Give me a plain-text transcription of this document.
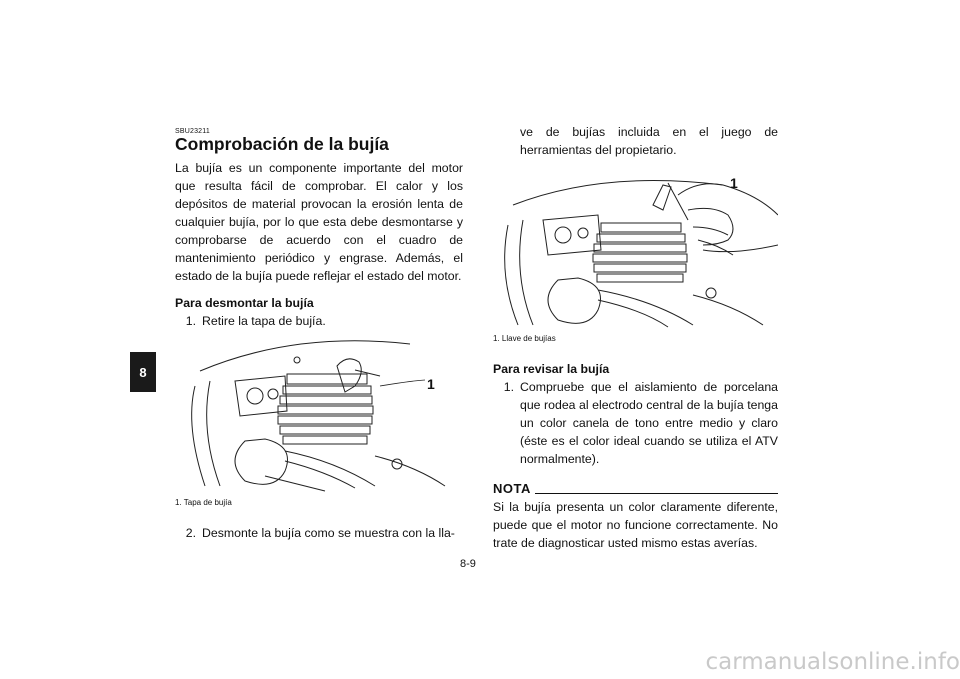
8
SBU23211
Comprobación de la bujía

La bujía es un componente importante del motor que resulta fácil de comprobar. El calor y los depósitos de material provocan la erosión lenta de cualquier bujía, por lo que esta debe desmontarse y comprobarse de acuerdo con el cuadro de mantenimiento periódico y engrase. Además, el estado de la bujía puede reflejar el estado del motor.

Para desmontar la bujía
1. Retire la tapa de bujía.
1
1. Tapa de bujía
2. Desmonte la bujía como se muestra con la lla-
ve de bujías incluida en el juego de herramientas del propietario.
1
1. Llave de bujías
Para revisar la bujía
1. Compruebe que el aislamiento de porcelana que rodea al electrodo central de la bujía tenga un color canela de tono entre medio y claro (éste es el color ideal cuando se utiliza el ATV normalmente).
NOTA

Si la bujía presenta un color claramente diferente, puede que el motor no funcione correctamente. No trate de diagnosticar usted mismo estas averías.

8-9
carmanualsonline.info
